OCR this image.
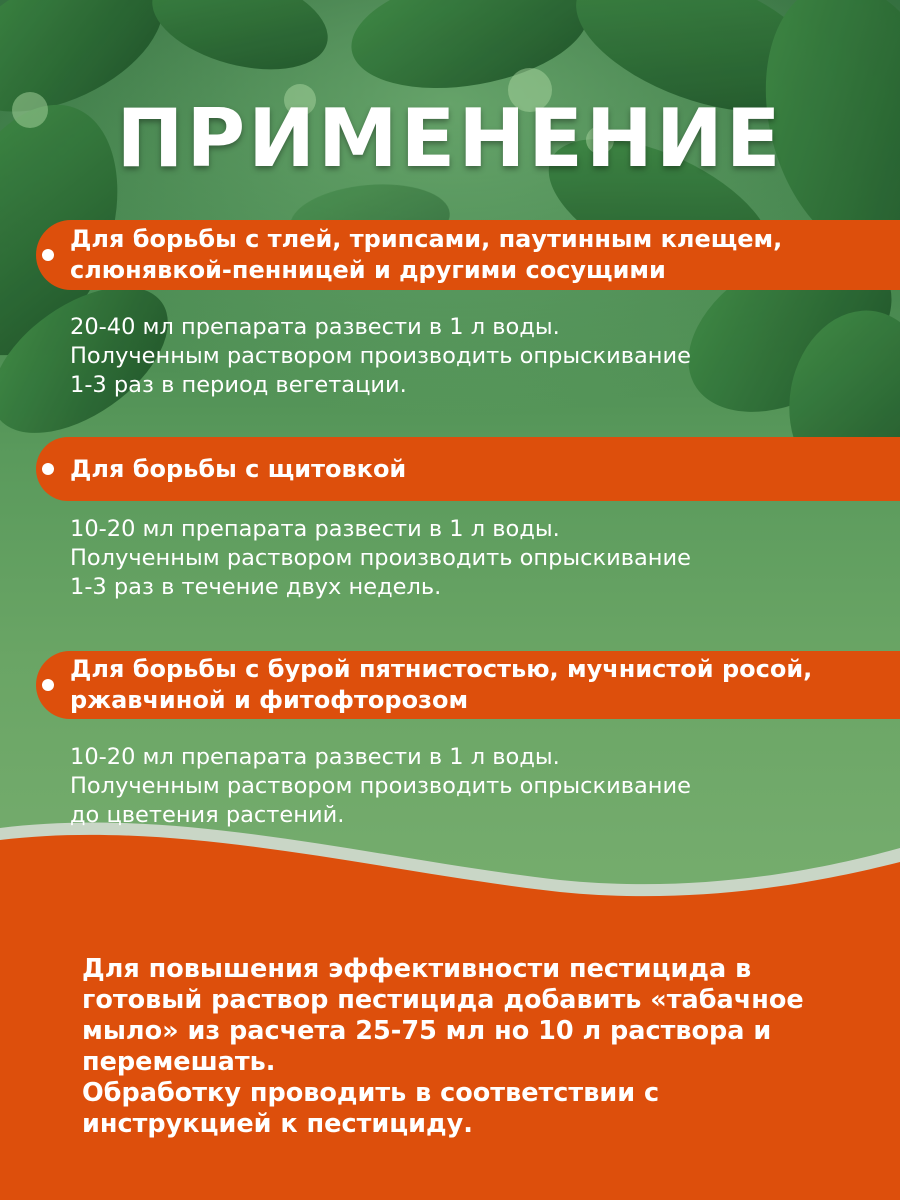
ПРИМЕНЕНИЕ
Для борьбы с тлей, трипсами, паутинным клещем,
слюнявкой-пенницей и другими сосущими
20-40 мл препарата развести в 1 л воды.
Полученным раствором производить опрыскивание
1-3 раз в период вегетации.
Для борьбы с щитовкой
10-20 мл препарата развести в 1 л воды.
Полученным раствором производить опрыскивание
1-3 раз в течение двух недель.
Для борьбы с бурой пятнистостью, мучнистой росой,
ржавчиной и фитофторозом
10-20 мл препарата развести в 1 л воды.
Полученным раствором производить опрыскивание
до цветения растений.
Для повышения эффективности пестицида в
готовый раствор пестицида добавить «табачное
мыло» из расчета 25-75 мл но 10 л раствора и
перемешать.
Обработку проводить в соответствии с
инструкцией к пестициду.
